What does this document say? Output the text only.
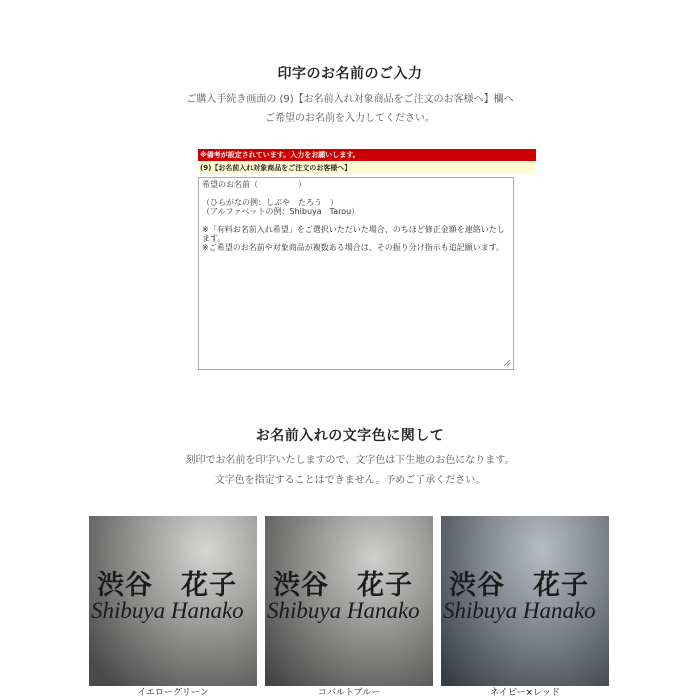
印字のお名前のご入力
ご購入手続き画面の (9)【お名前入れ対象商品をご注文のお客様へ】欄へ
ご希望のお名前を入力してください。
※備考が設定されています。入力をお願いします。
(9)【お名前入れ対象商品をご注文のお客様へ】
希望のお名前（　　　　　）

（ひらがなの例：しぶや　たろう　）
（アルファベットの例：Shibuya　Tarou）

※「有料お名前入れ希望」をご選択いただいた場合、のちほど修正金額を連絡いたします。
※ご希望のお名前や対象商品が複数ある場合は、その振り分け指示も追記願います。
お名前入れの文字色に関して
刻印でお名前を印字いたしますので、文字色は下生地のお色になります。
文字色を指定することはできません。予めご了承ください。
渋谷　花子
Shibuya Hanako
イエローグリーン
渋谷　花子
Shibuya Hanako
コバルトブルー
渋谷　花子
Shibuya Hanako
ネイビー×レッド
